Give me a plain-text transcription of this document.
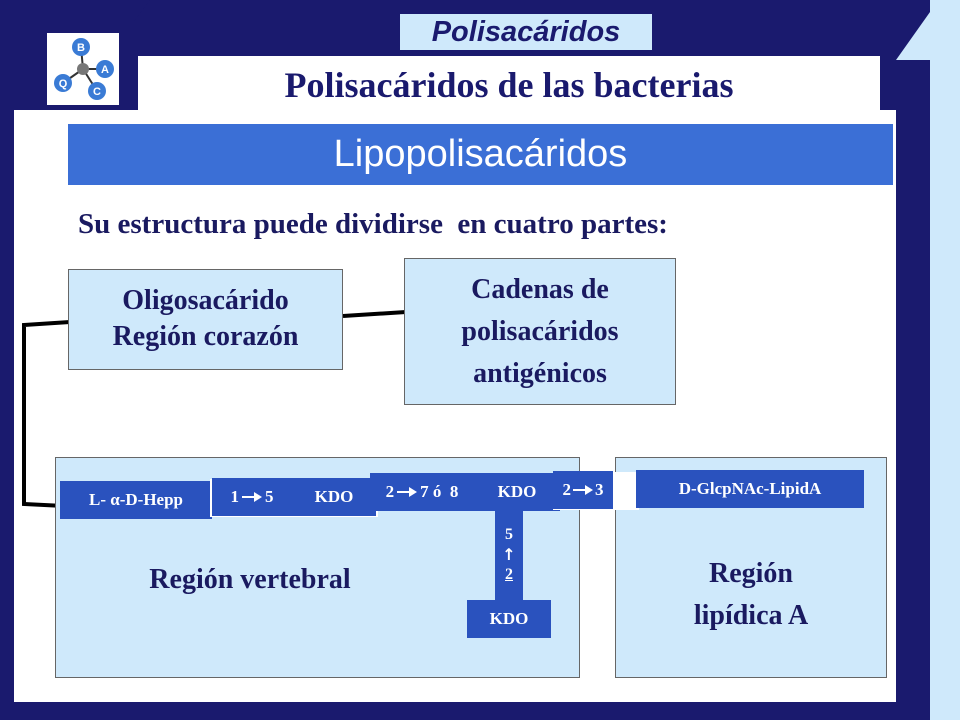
Polisacáridos
B
A
C
Q	Polisacáridos de las bacterias
Lipopolisacáridos
Su estructura puede dividirse  en cuatro partes:
Oligosacárido
Región corazón
Cadenas de
polisacáridos
antigénicos
Región vertebral	Región
lipídica A
L- α-D-Hepp	1 5 KDO 2 7 ó  8 KDO 2 3	D-GlcpNAc-LipidA
5
↑
2
KDO
